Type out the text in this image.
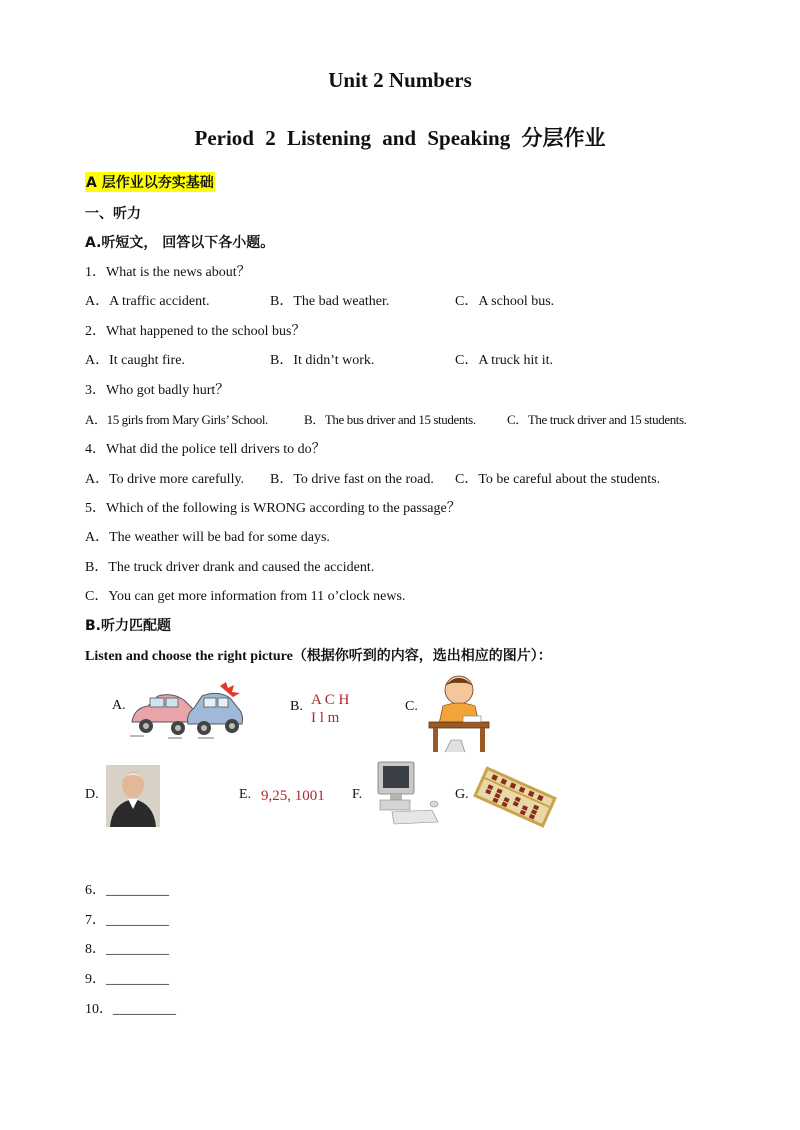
Unit 2 Numbers
Period 2 Listening and Speaking 分层作业
A 层作业以夯实基础
一、听力
A.听短文， 回答以下各小题。
1．What is the news about？
A．A traffic accident.	B．The bad weather.	C．A school bus.
2．What happened to the school bus？
A．It caught fire.	B．It didn’t work.	C．A truck hit it.
3．Who got badly hurt？
A．15 girls from Mary Girls’ School.	B．The bus driver and 15 students. C．The truck driver and 15 students.
4．What did the police tell drivers to do？
A．To drive more carefully. B．To drive fast on the road. C．To be careful about the students.
5．Which of the following is WRONG according to the passage？
A．The weather will be bad for some days.
B．The truck driver drank and caused the accident.
C．You can get more information from 11 o’clock news.
B.听力匹配题
Listen and choose the right picture（根据你听到的内容，选出相应的图片）：
A.	B. A C H
I l m
C.
D.	E. 9,25, 1001 F.	G.
6．_________
7．_________
8．_________
9．_________
10．_________
